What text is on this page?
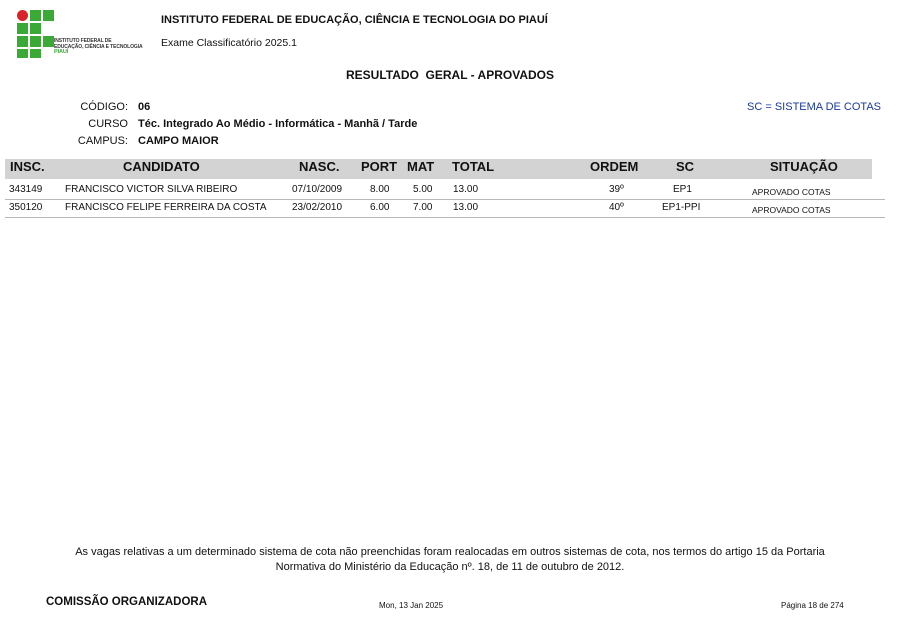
INSTITUTO FEDERAL DE
EDUCAÇÃO, CIÊNCIA E TECNOLOGIA
PIAUÍ
INSTITUTO FEDERAL DE EDUCAÇÃO, CIÊNCIA E TECNOLOGIA DO PIAUÍ
Exame Classificatório 2025.1
RESULTADO  GERAL - APROVADOS
CÓDIGO: 06
CURSO Téc. Integrado Ao Médio - Informática - Manhã / Tarde
CAMPUS: CAMPO MAIOR
SC = SISTEMA DE COTAS
INSC.	CANDIDATO	NASC. PORT MAT TOTAL	ORDEM	SC	SITUAÇÃO
343149 FRANCISCO VICTOR SILVA RIBEIRO	07/10/2009	8.00 5.00 13.00	39º	EP1	APROVADO COTAS
350120 FRANCISCO FELIPE FERREIRA DA COSTA	23/02/2010	6.00 7.00 13.00	40º	EP1-PPI	APROVADO COTAS
As vagas relativas a um determinado sistema de cota não preenchidas foram realocadas em outros sistemas de cota, nos termos do artigo 15 da Portaria
Normativa do Ministério da Educação nº. 18, de 11 de outubro de 2012.
COMISSÃO ORGANIZADORA	Mon, 13 Jan 2025	Página 18 de 274
